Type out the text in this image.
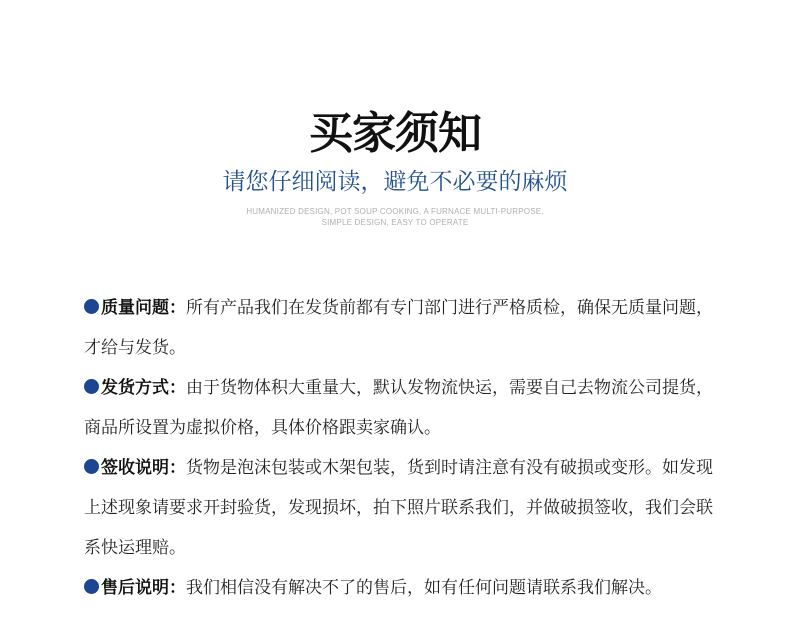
买家须知
请您仔细阅读，避免不必要的麻烦
HUMANIZED DESIGN, POT SOUP COOKING, A FURNACE MULTI-PURPOSE,
SIMPLE DESIGN, EASY TO OPERATE

质量问题：所有产品我们在发货前都有专门部门进行严格质检，确保无质量问题，才给与发货。

发货方式：由于货物体积大重量大，默认发物流快运，需要自己去物流公司提货，商品所设置为虚拟价格，具体价格跟卖家确认。

签收说明：货物是泡沫包装或木架包装，货到时请注意有没有破损或变形。如发现上述现象请要求开封验货，发现损坏，拍下照片联系我们，并做破损签收，我们会联系快运理赔。

售后说明：我们相信没有解决不了的售后，如有任何问题请联系我们解决。
